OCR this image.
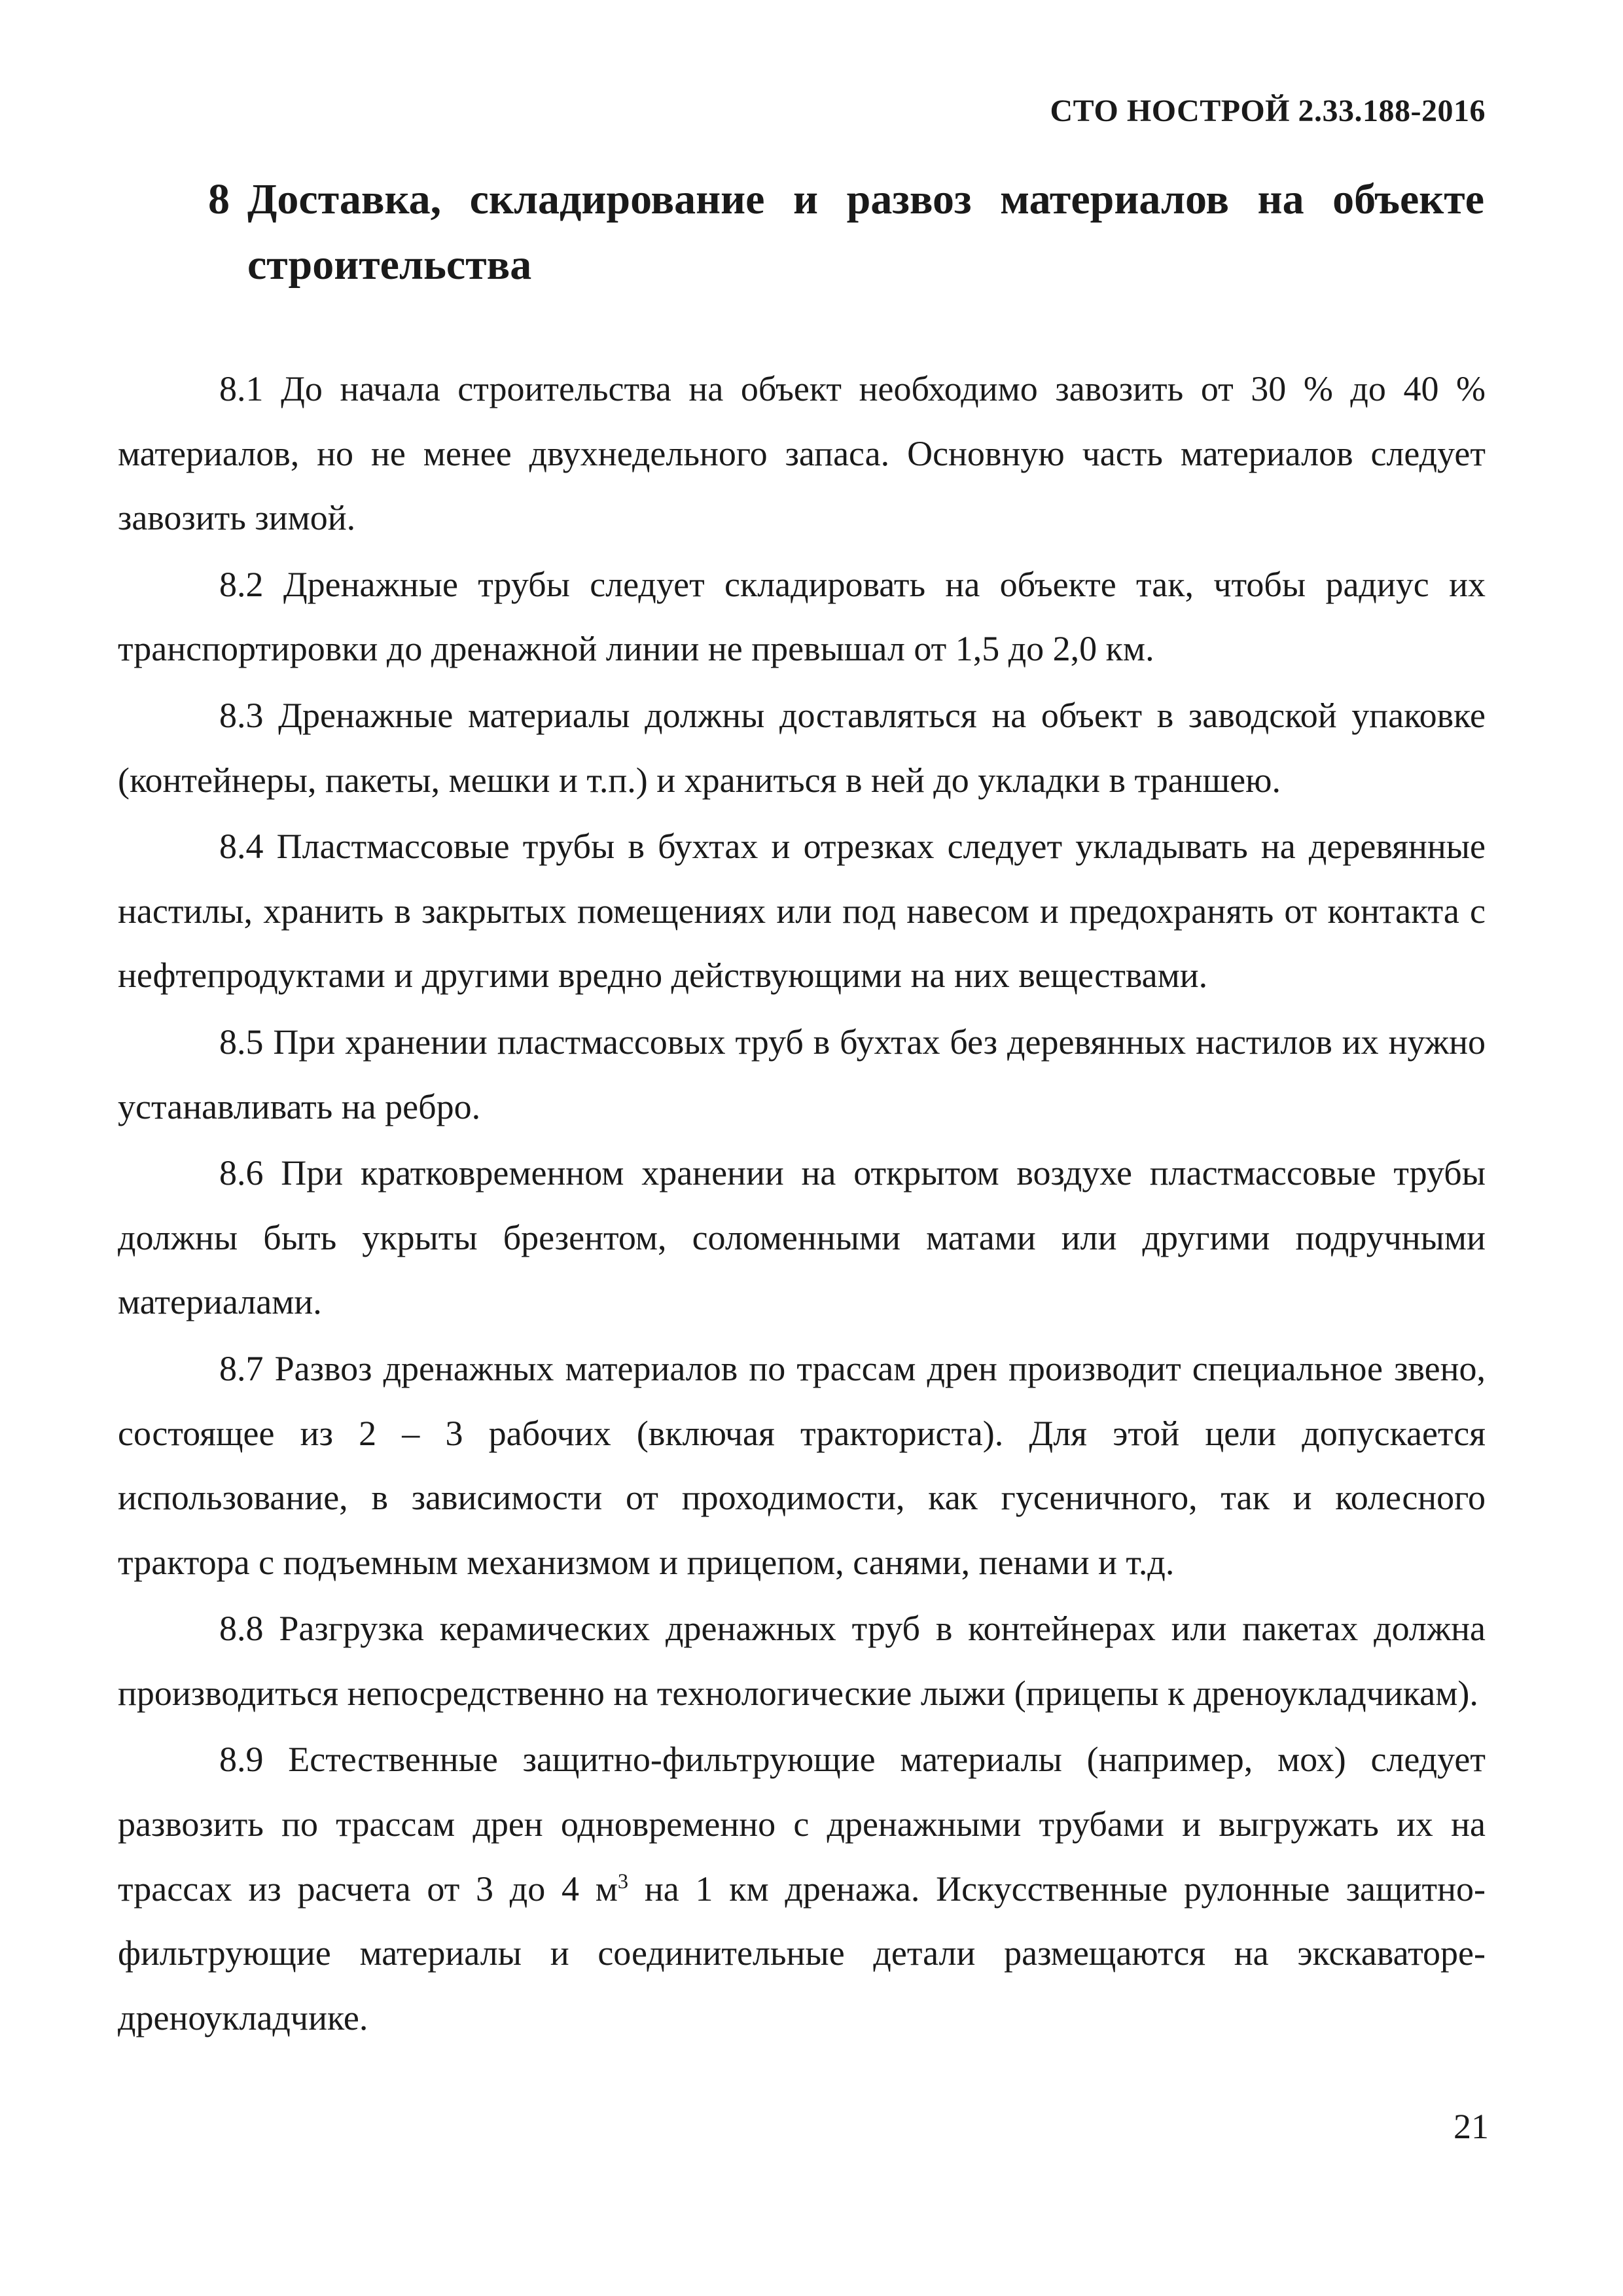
СТО НОСТРОЙ 2.33.188-2016
8 Доставка, складирование и развоз материалов на объекте строительства

8.1 До начала строительства на объект необходимо завозить от 30 % до 40 % материалов, но не менее двухнедельного запаса. Основную часть материалов следует завозить зимой.

8.2 Дренажные трубы следует складировать на объекте так, чтобы радиус их транспортировки до дренажной линии не превышал от 1,5 до 2,0 км.

8.3 Дренажные материалы должны доставляться на объект в заводской упаковке (контейнеры, пакеты, мешки и т.п.) и храниться в ней до укладки в траншею.

8.4 Пластмассовые трубы в бухтах и отрезках следует укладывать на деревянные настилы, хранить в закрытых помещениях или под навесом и предохранять от контакта с нефтепродуктами и другими вредно действующими на них веществами.

8.5 При хранении пластмассовых труб в бухтах без деревянных настилов их нужно устанавливать на ребро.

8.6 При кратковременном хранении на открытом воздухе пластмассовые трубы должны быть укрыты брезентом, соломенными матами или другими подручными материалами.

8.7 Развоз дренажных материалов по трассам дрен производит специальное звено, состоящее из 2 – 3 рабочих (включая тракториста). Для этой цели допускается использование, в зависимости от проходимости, как гусеничного, так и колесного трактора с подъемным механизмом и прицепом, санями, пенами и т.д.

8.8 Разгрузка керамических дренажных труб в контейнерах или пакетах должна производиться непосредственно на технологические лыжи (прицепы к дреноукладчикам).

8.9 Естественные защитно-фильтрующие материалы (например, мох) следует развозить по трассам дрен одновременно с дренажными трубами и выгружать их на трассах из расчета от 3 до 4 $м^3$ на 1 км дренажа. Искусственные рулонные защитно-фильтрующие материалы и соединительные детали размещаются на экскаваторе-дреноукладчике.

21
